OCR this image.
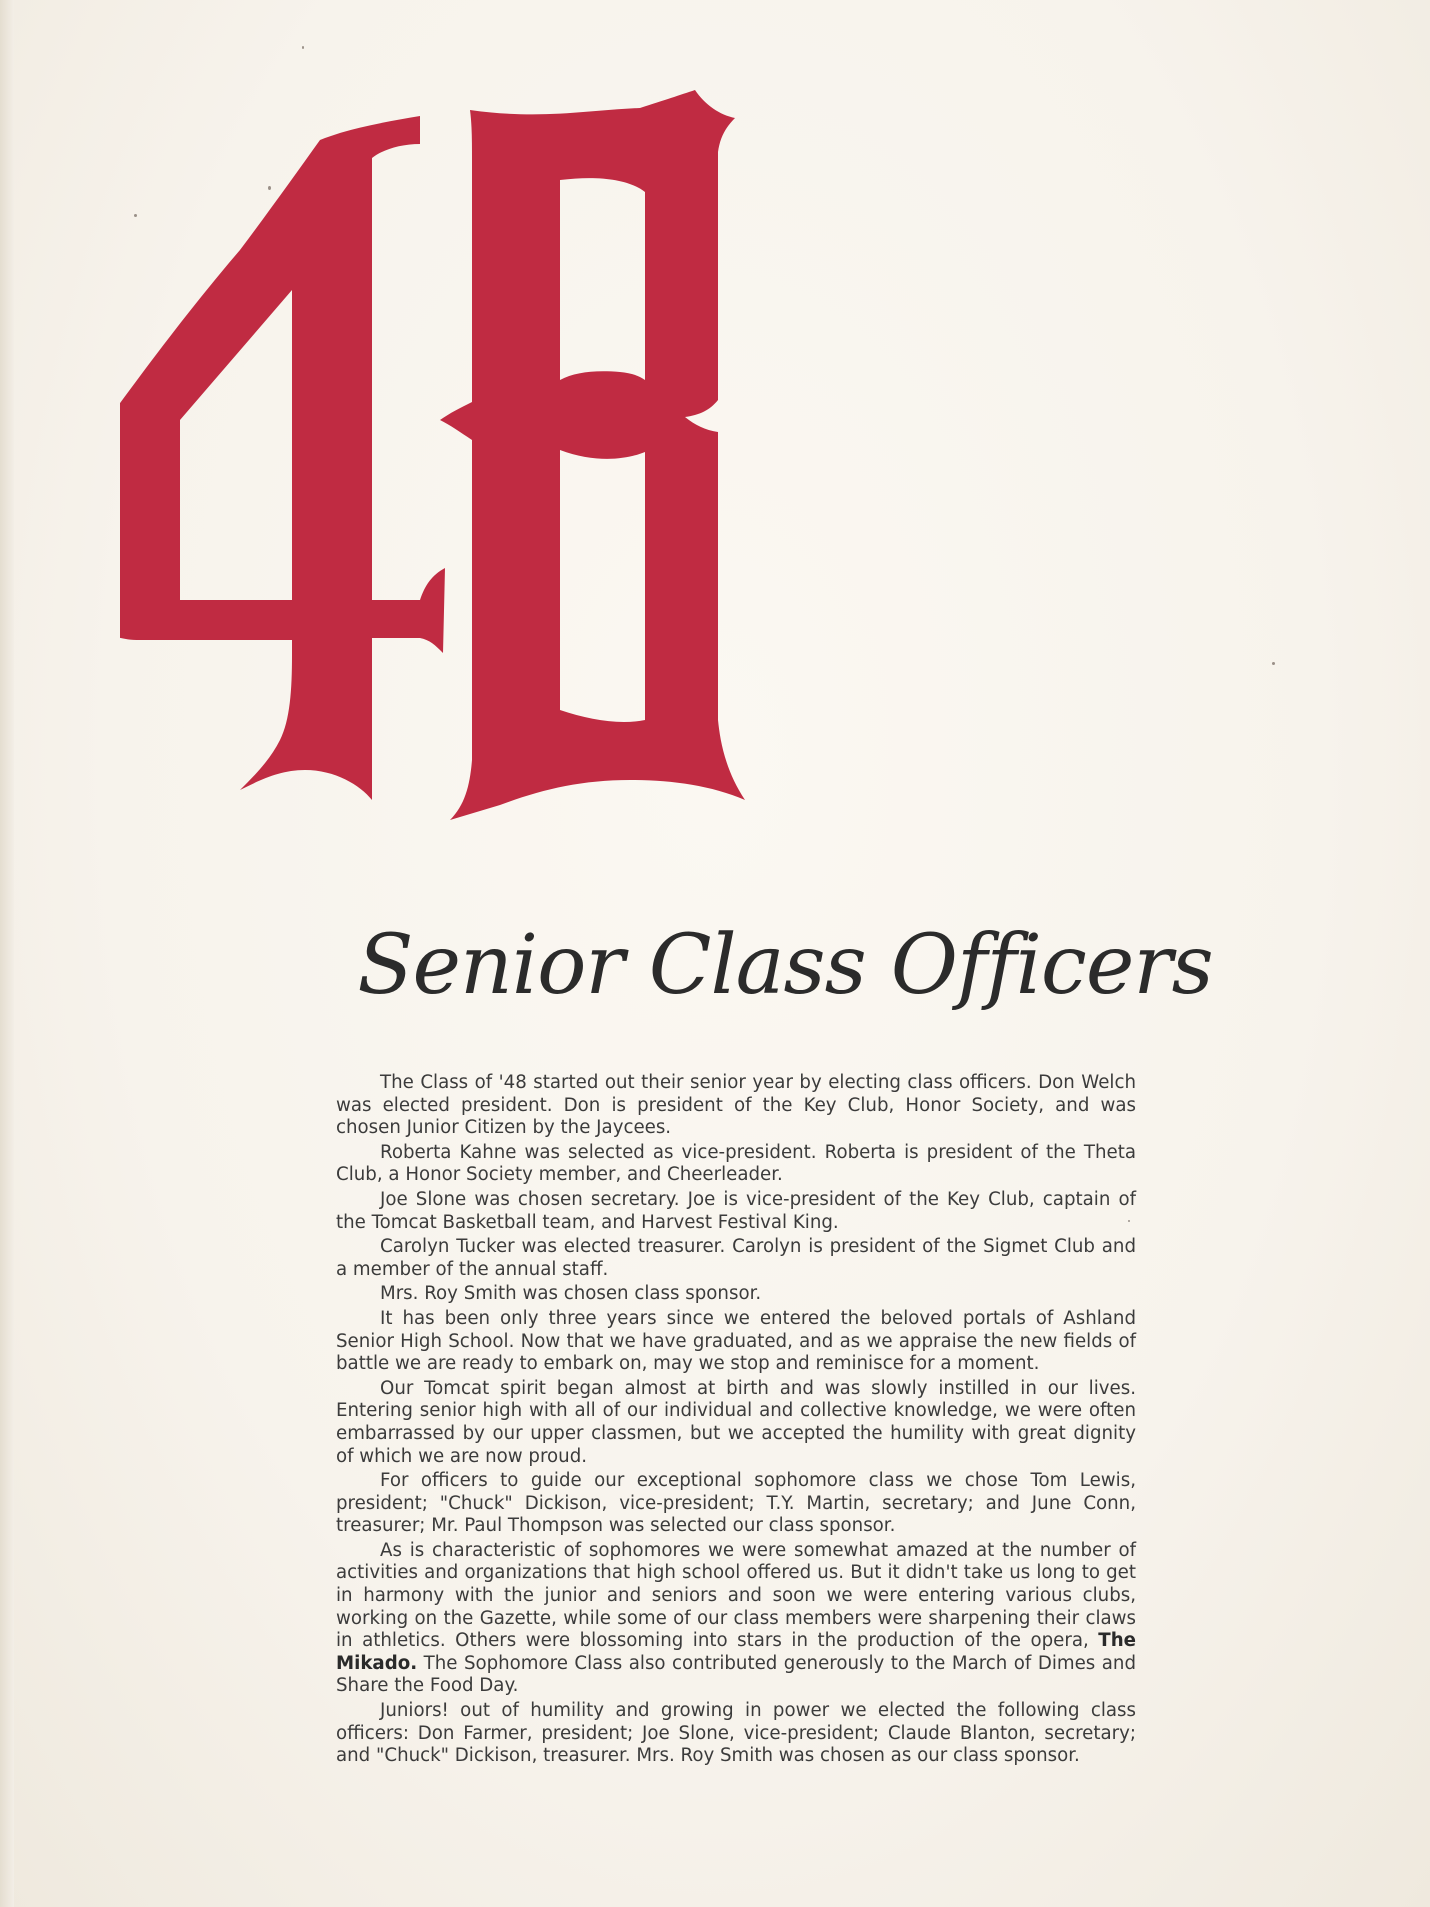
Senior Class Officers

The Class of '48 started out their senior year by electing class officers. Don Welch was elected president. Don is president of the Key Club, Honor Society, and was chosen Junior Citizen by the Jaycees.

Roberta Kahne was selected as vice-president. Roberta is president of the Theta Club, a Honor Society member, and Cheerleader.

Joe Slone was chosen secretary. Joe is vice-president of the Key Club, captain of the Tomcat Basketball team, and Harvest Festival King.

Carolyn Tucker was elected treasurer. Carolyn is president of the Sigmet Club and a member of the annual staff.

Mrs. Roy Smith was chosen class sponsor.

It has been only three years since we entered the beloved portals of Ashland Senior High School. Now that we have graduated, and as we appraise the new fields of battle we are ready to embark on, may we stop and reminisce for a moment.

Our Tomcat spirit began almost at birth and was slowly instilled in our lives. Entering senior high with all of our individual and collective knowledge, we were often embarrassed by our upper classmen, but we accepted the humility with great dignity of which we are now proud.

For officers to guide our exceptional sophomore class we chose Tom Lewis, president; "Chuck" Dickison, vice-president; T.Y. Martin, secretary; and June Conn, treasurer; Mr. Paul Thompson was selected our class sponsor.

As is characteristic of sophomores we were somewhat amazed at the number of activities and organizations that high school offered us. But it didn't take us long to get in harmony with the junior and seniors and soon we were entering various clubs, working on the Gazette, while some of our class members were sharpening their claws in athletics. Others were blossoming into stars in the production of the opera, The Mikado. The Sophomore Class also contributed generously to the March of Dimes and Share the Food Day.

Juniors! out of humility and growing in power we elected the following class officers: Don Farmer, president; Joe Slone, vice-president; Claude Blanton, secretary; and "Chuck" Dickison, treasurer. Mrs. Roy Smith was chosen as our class sponsor.
